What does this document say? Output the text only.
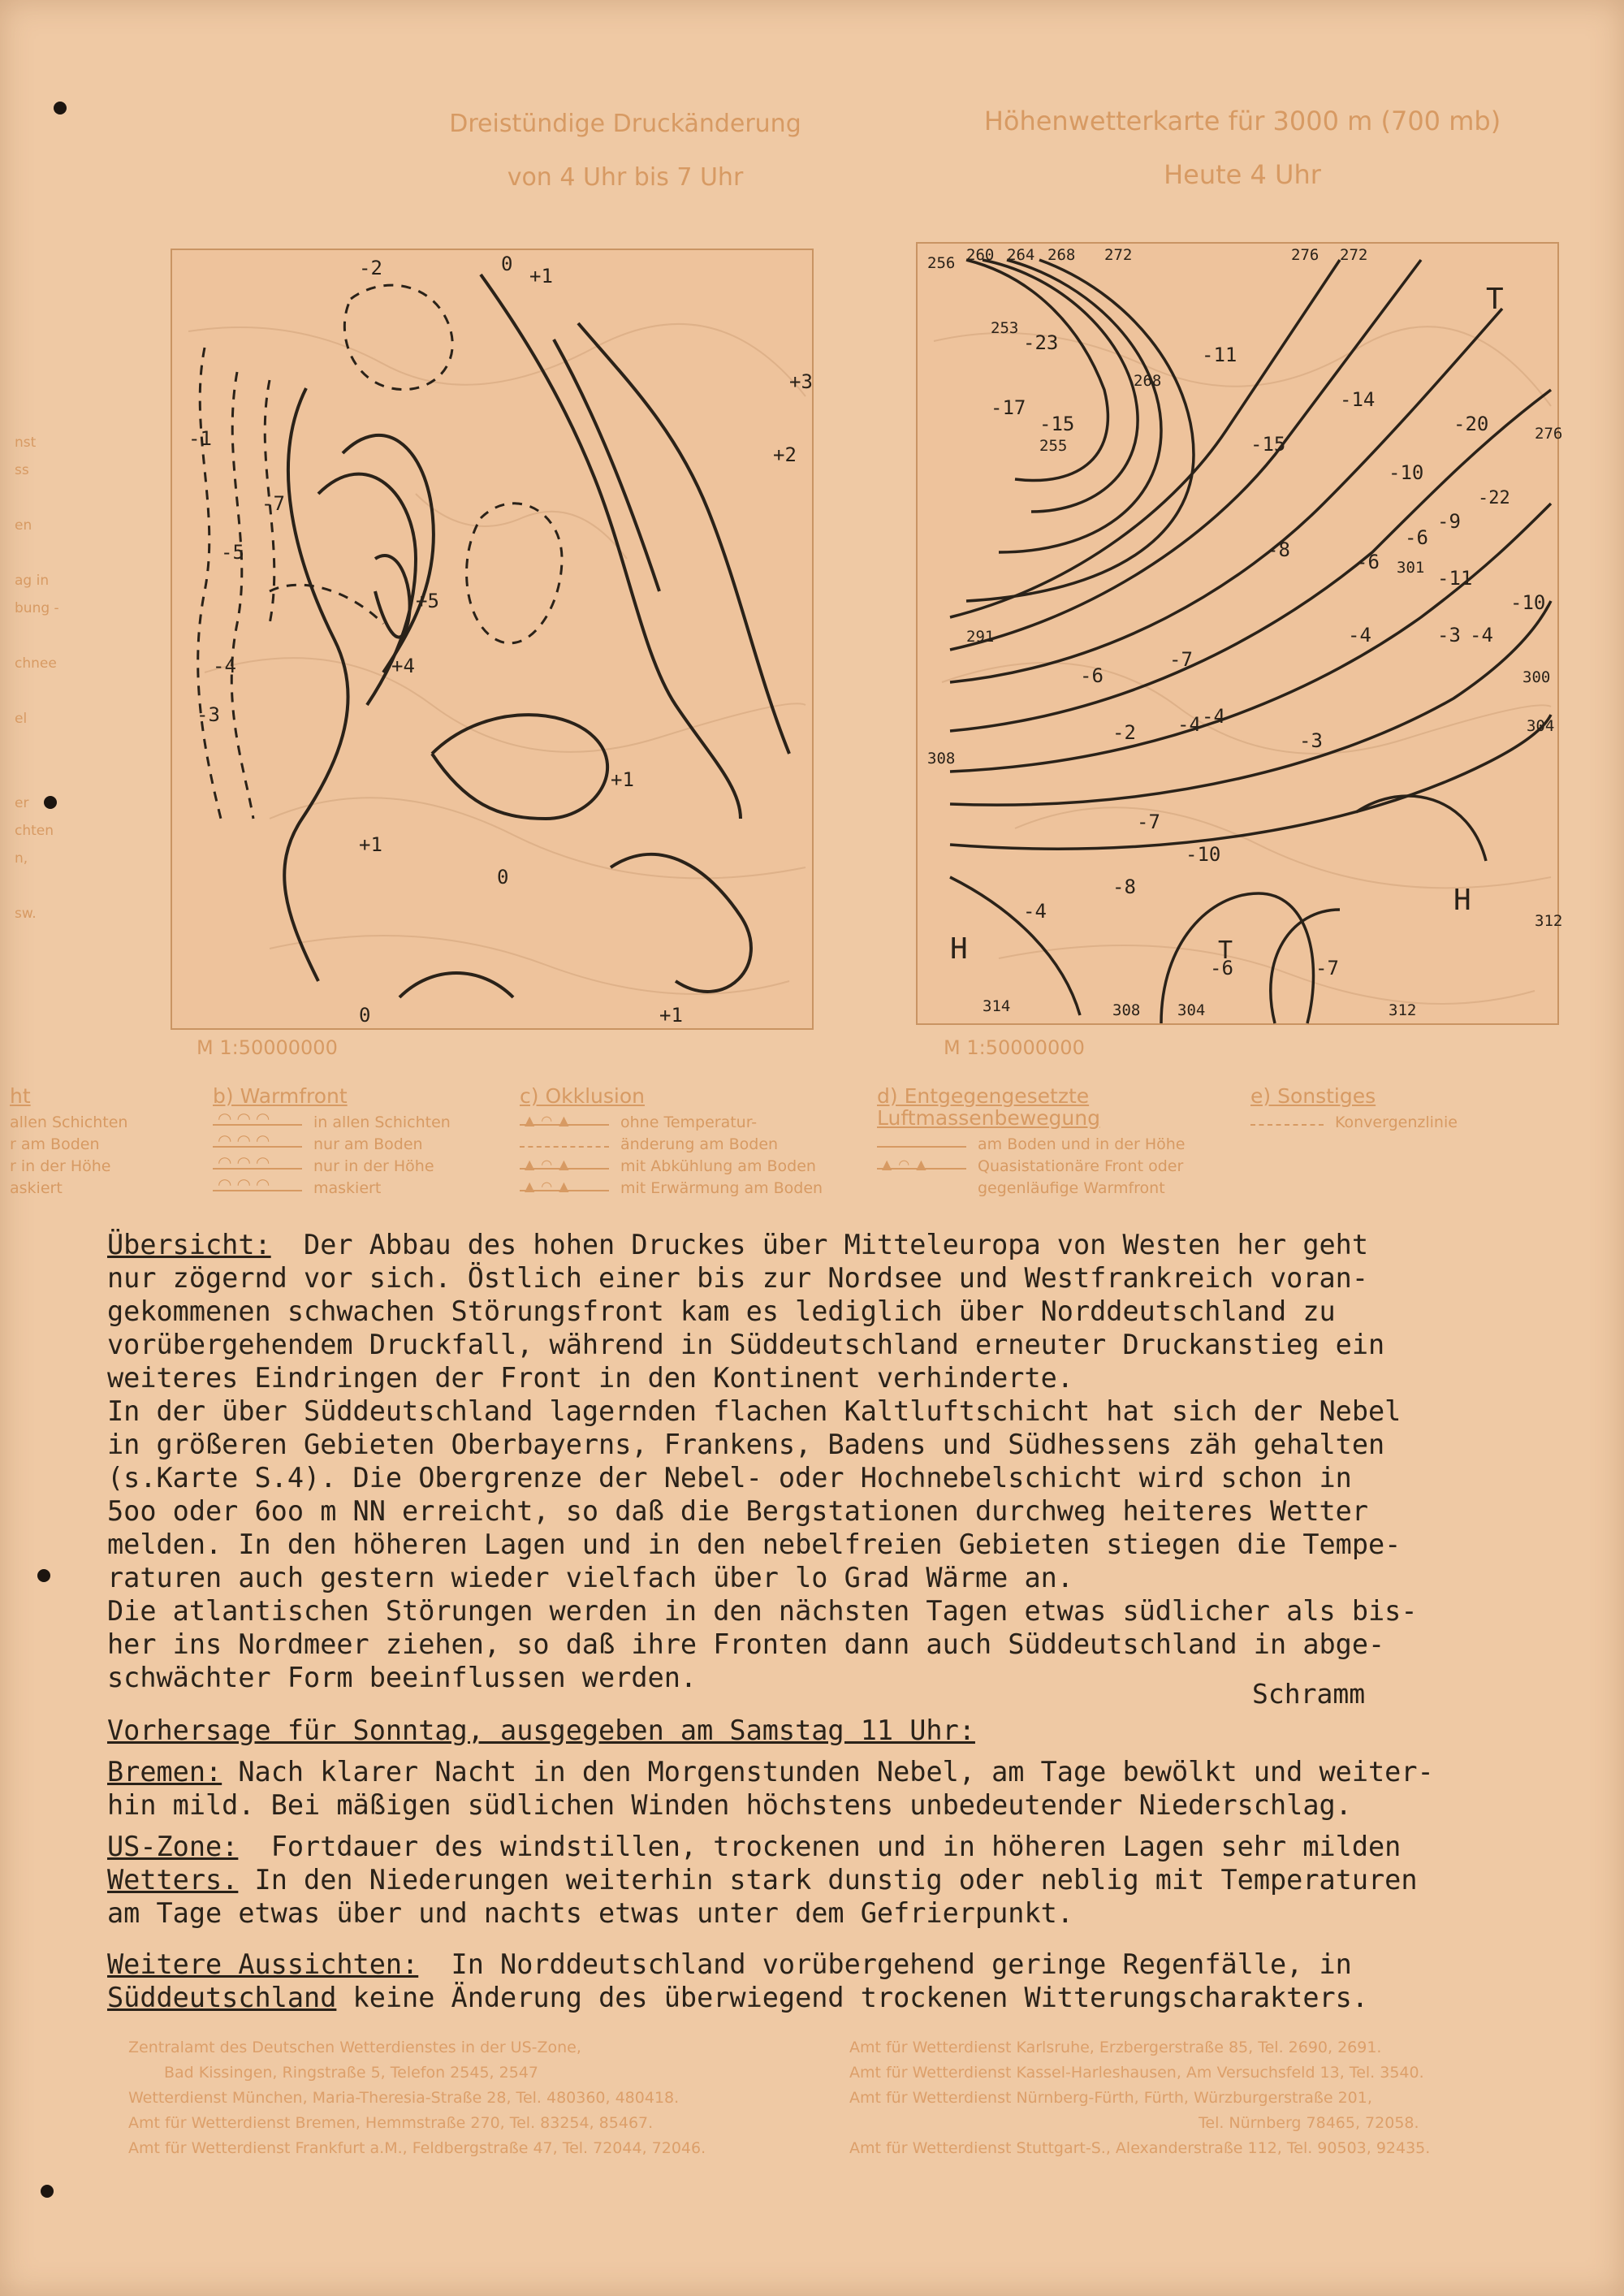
nst
ss
en
ag in
bung -
chnee
el
er
chten
n,
sw.
Dreistündige Druckänderung
von 4 Uhr bis 7 Uhr
-2
-1
0
+1
+2
+3
+4
+5
-3
-4
-5
-7
+1
0
+1
0	+1
M 1:50000000
Höhenwetterkarte für 3000 m (700 mb)
Heute 4 Uhr
256 260 264 268 272	276 272
253
-23
-17
-15
255
-11
268
-14
-20	276
-15
-22
-9
-10
-6
291
-8
-4
-6 301 -11
-10
-3 -4
300
304
308
312
-6
-7
-3
-4
-2
-4
-7
-10
-8
-6
-4
-7
H
T
H
T
312
308 304
314
M 1:50000000
ht
allen Schichten
r am Boden
r in der Höhe
askiert
b) Warmfront
◠◠◠
in allen Schichten
◠◠◠
nur am Boden
◠◠◠
nur in der Höhe
◠◠◠
maskiert
c) Okklusion
▲◠▲
ohne Temperatur-
änderung am Boden
▲◠▲
mit Abkühlung am Boden
▲◠▲
mit Erwärmung am Boden
d) Entgegengesetzte
Luftmassenbewegung
am Boden und in der Höhe
▲◠▲
Quasistationäre Front oder
gegenläufige Warmfront
e) Sonstiges
Konvergenzlinie
Übersicht:  Der Abbau des hohen Druckes über Mitteleuropa von Westen her geht
nur zögernd vor sich. Östlich einer bis zur Nordsee und Westfrankreich voran-
gekommenen schwachen Störungsfront kam es lediglich über Norddeutschland zu
vorübergehendem Druckfall, während in Süddeutschland erneuter Druckanstieg ein
weiteres Eindringen der Front in den Kontinent verhinderte.
In der über Süddeutschland lagernden flachen Kaltluftschicht hat sich der Nebel
in größeren Gebieten Oberbayerns, Frankens, Badens und Südhessens zäh gehalten
(s.Karte S.4). Die Obergrenze der Nebel- oder Hochnebelschicht wird schon in
5oo oder 6oo m NN erreicht, so daß die Bergstationen durchweg heiteres Wetter
melden. In den höheren Lagen und in den nebelfreien Gebieten stiegen die Tempe-
raturen auch gestern wieder vielfach über lo Grad Wärme an.
Die atlantischen Störungen werden in den nächsten Tagen etwas südlicher als bis-
her ins Nordmeer ziehen, so daß ihre Fronten dann auch Süddeutschland in abge-
schwächter Form beeinflussen werden.
Schramm
Vorhersage für Sonntag, ausgegeben am Samstag 11 Uhr:
Bremen: Nach klarer Nacht in den Morgenstunden Nebel, am Tage bewölkt und weiter-
hin mild. Bei mäßigen südlichen Winden höchstens unbedeutender Niederschlag.
US-Zone:  Fortdauer des windstillen, trockenen und in höheren Lagen sehr milden
Wetters. In den Niederungen weiterhin stark dunstig oder neblig mit Temperaturen
am Tage etwas über und nachts etwas unter dem Gefrierpunkt.
Weitere Aussichten:  In Norddeutschland vorübergehend geringe Regenfälle, in
Süddeutschland keine Änderung des überwiegend trockenen Witterungscharakters.
Zentralamt des Deutschen Wetterdienstes in der US-Zone,
Bad Kissingen, Ringstraße 5, Telefon 2545, 2547
Wetterdienst München, Maria-Theresia-Straße 28, Tel. 480360, 480418.
Amt für Wetterdienst Bremen, Hemmstraße 270, Tel. 83254, 85467.
Amt für Wetterdienst Frankfurt a.M., Feldbergstraße 47, Tel. 72044, 72046.
Amt für Wetterdienst Karlsruhe, Erzbergerstraße 85, Tel. 2690, 2691.
Amt für Wetterdienst Kassel-Harleshausen, Am Versuchsfeld 13, Tel. 3540.
Amt für Wetterdienst Nürnberg-Fürth, Fürth, Würzburgerstraße 201,
Tel. Nürnberg 78465, 72058.
Amt für Wetterdienst Stuttgart-S., Alexanderstraße 112, Tel. 90503, 92435.
